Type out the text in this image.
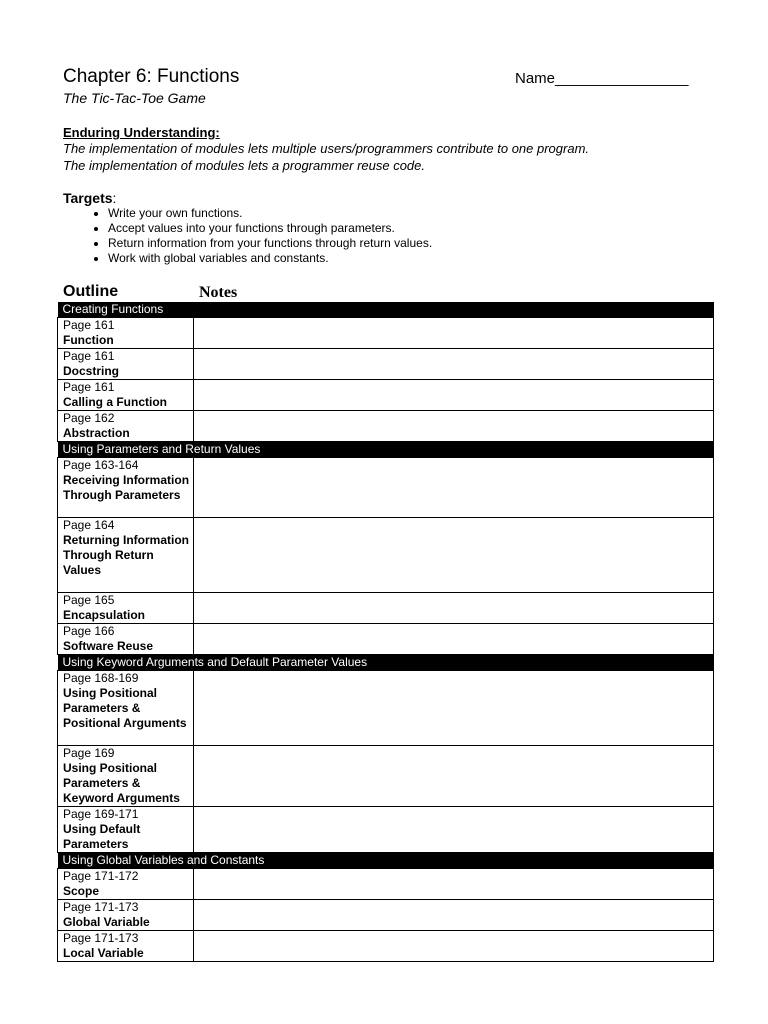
Chapter 6: Functions
The Tic-Tac-Toe Game
Name________________
Enduring Understanding:
The implementation of modules lets multiple users/programmers contribute to one program.
The implementation of modules lets a programmer reuse code.
Targets:
• Write your own functions.
• Accept values into your functions through parameters.
• Return information from your functions through return values.
• Work with global variables and constants.
Outline	Notes
Creating Functions	

Page 161
Function	

Page 161
Docstring	

Page 161
Calling a Function	

Page 162
Abstraction	

Using Parameters and Return Values	

Page 163-164
Receiving Information Through Parameters	

Page 164
Returning Information Through Return Values	

Page 165
Encapsulation	

Page 166
Software Reuse	

Using Keyword Arguments and Default Parameter Values	

Page 168-169
Using Positional Parameters & Positional Arguments	

Page 169
Using Positional Parameters & Keyword Arguments	

Page 169-171
Using Default Parameters	

Using Global Variables and Constants	

Page 171-172
Scope	

Page 171-173
Global Variable	

Page 171-173
Local Variable	
